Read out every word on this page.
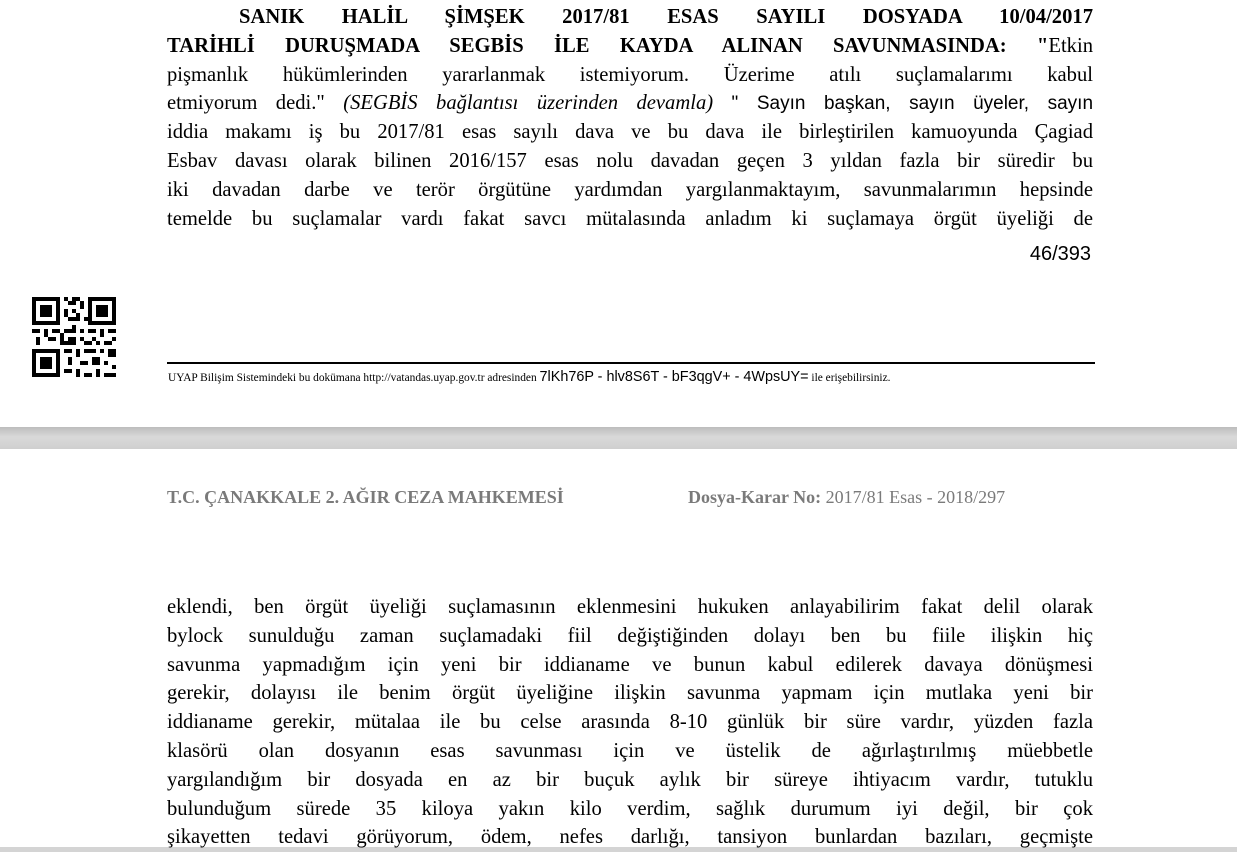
SANIK HALİL ŞİMŞEK 2017/81 ESAS SAYILI DOSYADA 10/04/2017
TARİHLİ DURUŞMADA SEGBİS İLE KAYDA ALINAN SAVUNMASINDA: "Etkin
pişmanlık hükümlerinden yararlanmak istemiyorum. Üzerime atılı suçlamalarımı kabul
etmiyorum dedi." (SEGBİS bağlantısı üzerinden devamla) " Sayın başkan, sayın üyeler, sayın
iddia makamı iş bu 2017/81 esas sayılı dava ve bu dava ile birleştirilen kamuoyunda Çagiad
Esbav davası olarak bilinen 2016/157 esas nolu davadan geçen 3 yıldan fazla bir süredir bu
iki davadan darbe ve terör örgütüne yardımdan yargılanmaktayım, savunmalarımın hepsinde
temelde bu suçlamalar vardı fakat savcı mütalasında anladım ki suçlamaya örgüt üyeliği de
46/393
UYAP Bilişim Sistemindeki bu dokümana http://vatandas.uyap.gov.tr adresinden 7lKh76P - hlv8S6T - bF3qgV+ - 4WpsUY= ile erişebilirsiniz.
T.C. ÇANAKKALE 2. AĞIR CEZA MAHKEMESİ	Dosya-Karar No: 2017/81 Esas - 2018/297
eklendi, ben örgüt üyeliği suçlamasının eklenmesini hukuken anlayabilirim fakat delil olarak
bylock sunulduğu zaman suçlamadaki fiil değiştiğinden dolayı ben bu fiile ilişkin hiç
savunma yapmadığım için yeni bir iddianame ve bunun kabul edilerek davaya dönüşmesi
gerekir, dolayısı ile benim örgüt üyeliğine ilişkin savunma yapmam için mutlaka yeni bir
iddianame gerekir, mütalaa ile bu celse arasında 8-10 günlük bir süre vardır, yüzden fazla
klasörü olan dosyanın esas savunması için ve üstelik de ağırlaştırılmış müebbetle
yargılandığım bir dosyada en az bir buçuk aylık bir süreye ihtiyacım vardır, tutuklu
bulunduğum sürede 35 kiloya yakın kilo verdim, sağlık durumum iyi değil, bir çok
şikayetten tedavi görüyorum, ödem, nefes darlığı, tansiyon bunlardan bazıları, geçmişte
